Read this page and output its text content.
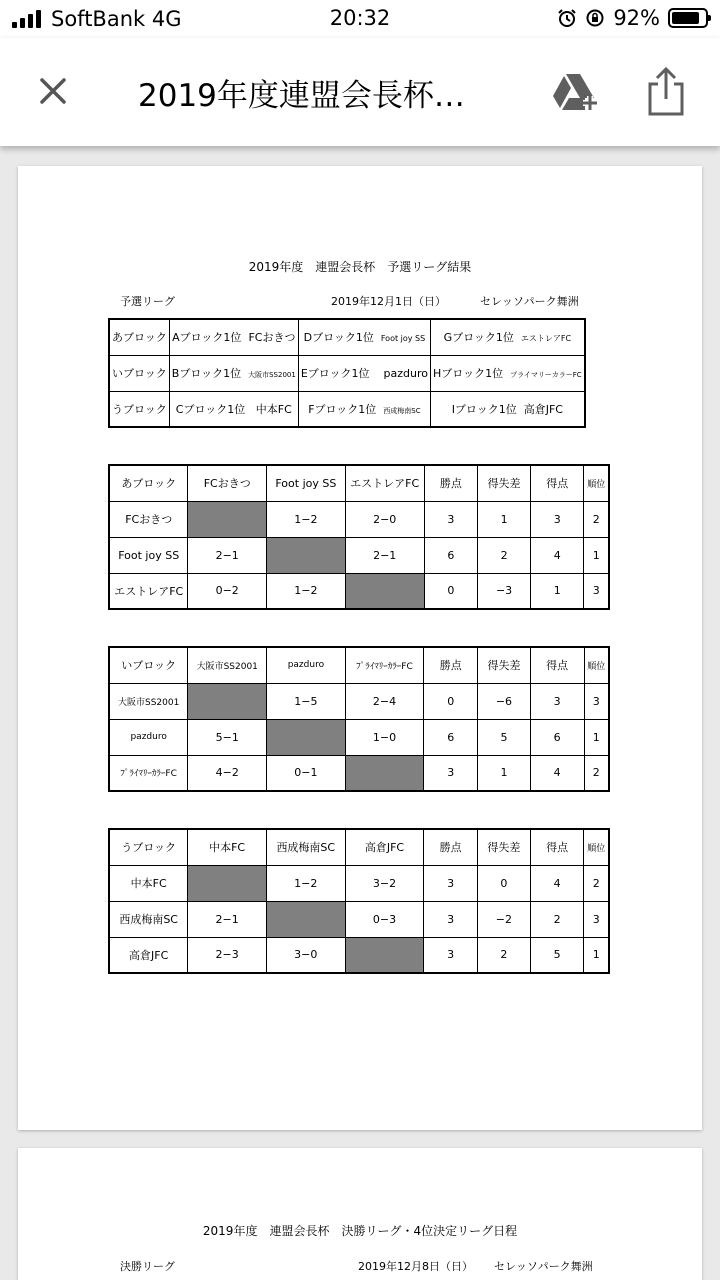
SoftBank 4G	20:32	92%
2019年度連盟会長杯…
2019年度　連盟会長杯　予選リーグ結果
予選リーグ	2019年12月1日（日）	セレッソパーク舞洲
あブロック	Aブロック1位 FCおきつ	Dブロック1位 Foot joy SS	Gブロック1位 エストレアFC
いブロック	Bブロック1位 大阪市SS2001	Eブロック1位 pazduro	Hブロック1位 プライマリーカラーFC
うブロック	Cブロック1位 中本FC	Fブロック1位 西成梅南SC	Iブロック1位 高倉JFC
あブロック	FCおきつ	Foot joy SS	エストレアFC	勝点	得失差	得点	順位
FCおきつ		1−2	2−0	3	1	3	2
Foot joy SS	2−1		2−1	6	2	4	1
エストレアFC	0−2	1−2		0	−3	1	3
いブロック	大阪市SS2001	pazduro	ﾌﾟﾗｲﾏﾘｰｶﾗｰFC	勝点	得失差	得点	順位
大阪市SS2001		1−5	2−4	0	−6	3	3
pazduro	5−1		1−0	6	5	6	1
ﾌﾟﾗｲﾏﾘｰｶﾗｰFC	4−2	0−1		3	1	4	2
うブロック	中本FC	西成梅南SC	高倉JFC	勝点	得失差	得点	順位
中本FC		1−2	3−2	3	0	4	2
西成梅南SC	2−1		0−3	3	−2	2	3
高倉JFC	2−3	3−0		3	2	5	1
2019年度　連盟会長杯　決勝リーグ・4位決定リーグ日程
決勝リーグ	2019年12月8日（日） セレッソパーク舞洲
